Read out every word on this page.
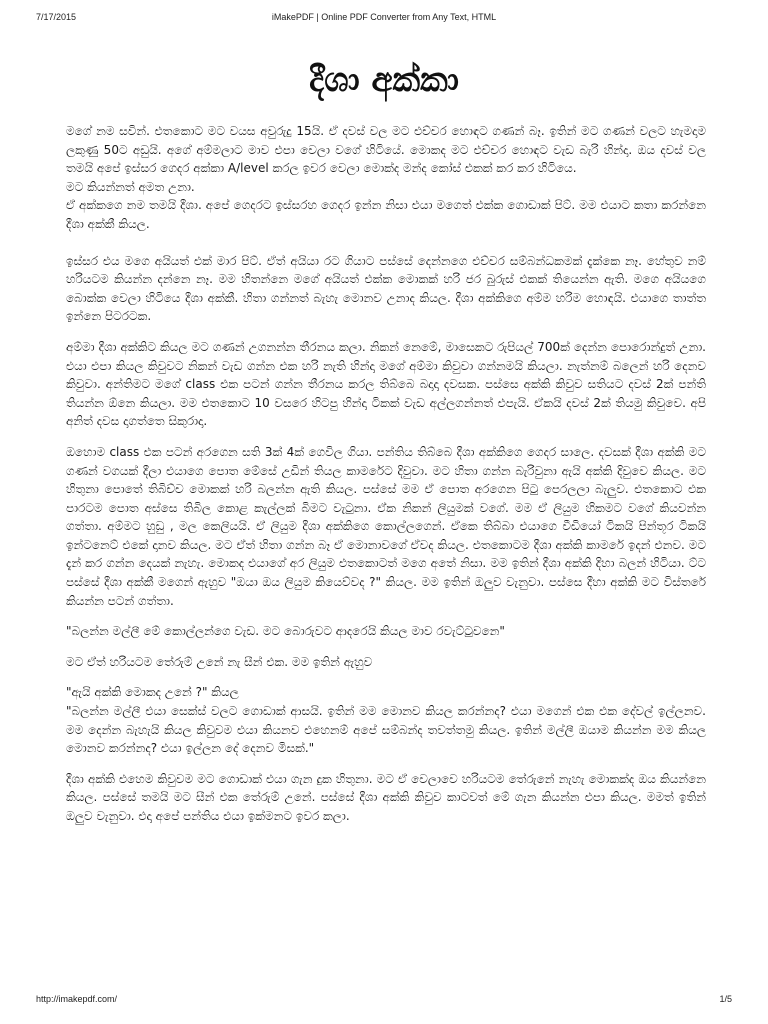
7/17/2015	iMakePDF | Online PDF Converter from Any Text, HTML
දීශා අක්කා

මගේ නම සවින්. එතකොට මට වයස අවුරුදු 15යි. ඒ දවස් වල මට එච්චර හොඳට ගණන් බෑ. ඉතින් මට ගණන් වලට හැමදාම ලකුණු 50ට අඩුයි. අගේ අම්මලාට මාව එපා වෙලා වගේ හිටියේ. මොකද මට එච්චර හොඳට වැඩ බැරි හින්දා. ඔය දවස් වල තමයි අපේ ඉස්සර ගෙදර අක්කා A/level කරල ඉවර වෙලා මොක්ද මන්ද කෝස් එකක් කර කර හිටියෙ.

මට කියන්නත් අමත උනා.

ඒ අක්කගෙ නම තමයි දීශා. අපේ ගෙදරට ඉස්සරහ ගෙදර ඉන්න නිසා එයා මගෙත් එක්ක ගොඩාක් පිට්. මම එයාට කතා කරන්නෙ දීශා අක්කී කියල.

ඉස්සර එය මගෙ අයියත් එක් මාර පිට්. ඒත් අයියා රට ගියාට පස්සේ දෙන්නගෙ එච්චර සම්බන්ධකමක් දැක්කෙ නෑ. හේතුව නම් හරියටම කියන්න දන්නෙ නෑ. මම හිතන්නෙ මගේ අයියත් එක්ක මොකක් හරි ජර බුරුස් එකක් තියෙන්න ඇති. මගෙ අයියගෙ බොක්ක වෙලා හිටියෙ දීශා අක්කී. හිතා ගන්නත් බැහැ මොනව උනාද කියල. දීශා අක්කිගෙ අම්ම හරිම හොඳයි. එයාගෙ තාත්ත ඉන්නෙ පිටරටක.

අම්මා දීශා අක්කිට කියල මට ගණන් උගනන්න තීරනය කලා. නිකන් නෙමේ, මාසෙකට රුපියල් 700ක් දෙන්න පොරොන්දුත් උනා. එයා එපා කියල කිවුවට නිකන් වැඩ ගන්න එක හරි නැති හින්දා මගේ අම්මා කිවුවා ගන්නමයි කියලා. නැත්නම් බලෙන් හරි දෙනව කිවුවා. අන්තිමට මගේ class එක පටන් ගන්න තීරනය කරල තිබ්බෙ බදාදා දවසක. පස්සෙ අක්කි කිවුව සතියට දවස් 2ක් පන්ති තියන්න ඕනෙ කියලා. මම එතකොට 10 වසරෙ හිටපු හින්දා ටිකක් වැඩ අල්ලගන්නත් එපැයි. ඒකයි දවස් 2ක් තියමු කිවුවෙ. අපි අනිත් දවස දාගත්තෙ සිකුරාදා.

ඔහොම class එක පටන් අරගෙන සති 3ක් 4ක් ගෙවිල ගියා. පන්තිය තිබ්බෙ දීශා අක්කිගෙ ගෙදර සාලෙ. දවසක් දීශා අක්කි මට ගණන් වගයක් දීලා එයාගෙ පොත මේසේ උඩින් තියල කාමරේට දිවුවා. මට හිතා ගන්න බැරිවුනා ඇයි අක්කි දිවුවෙ කියල. මට හිතුනා පොතේ තිබිච්ච මොකක් හරි බලන්න ඇති කියල. පස්සේ මම ඒ පොත අරගෙන පිටු පෙරලලා බැලුව. එතකොට එක පාරටම පොත අස්සෙ තිබිල කොළ කැල්ලක් බිමට වැටුනා. ඒක නිකන් ලියුමක් වගේ. මම ඒ ලියුම හිකමට වගේ කියවන්න ගත්තා. අම්මට හුඩු , මල කෙලියයි. ඒ ලියුම දීශා අක්කිගෙ කොල්ලගෙන්. ඒකෙ තිබ්බා එයාගෙ වීඩියෝ ටිකයි පින්තූර ටිකයි ඉන්ටනෙට් එකේ දානව කියල. මට ඒත් හිතා ගන්න බෑ ඒ මොනාවගේ ඒවද කියල. එතකොටම දීශා අක්කි කාමරේ ඉදන් එනව. මට දැන් කර ගන්න දෙයක් නැහැ. මොකද එයාගේ අර ලියුම එතකොටත් මගෙ අතේ නිසා. මම ඉතින් දීශා අක්කි දිහා බලන් හිටියා. ට්ට පස්සේ දීශා අක්කී මගෙන් ඇහුව "ඔයා ඔය ලියුම කියෙව්වද ?" කියල. මම ඉතින් ඔලුව වැනුවා. පස්සෙ දීහා අක්කි මට විස්තරේ කියන්න පටන් ගත්තා.

"බලන්න මල්ලී මේ කොල්ලන්ගෙ වැඩ. මට බොරුවට ආදරෙයි කියල මාව රවැට්ටුවනෙ"

මට ඒත් හරියටම තේරුම් උනේ නැ සීන් එක. මම ඉතින් ඇහුව

"ඇයි අක්කි මොකද උනේ ?" කියල

"බලන්න මල්ලී එයා සෙක්ස් වලට ගොඩාක් ආසයි. ඉතින් මම මොනව කියල කරන්නද? එයා මගෙන් එක එක දේවල් ඉල්ලනව. මම දෙන්න බැහැයි කියල කිවුවම එයා කියනව එහෙනම් අපේ සම්බන්ද තවත්තමු කියල. ඉතින් මල්ලී ඔයාම කියන්න මම කියල මොනව කරන්නද? එයා ඉල්ලන දේ දෙනව මිසක්."

දීශා අක්කි එහෙම කිවුවම මට ගොඩාක් එයා ගැන දුක හිතුනා. මට ඒ වෙලාවෙ හරියටම තේරුනේ නැහැ මොකක්ද ඔය කියන්නෙ කියල. පස්සේ තමයි මට සීන් එක තේරුම් උනේ. පස්සේ දීශා අක්කි කිවුව කාටවත් මේ ගැන කියන්න එපා කියල. මමත් ඉතින් ඔලුව වැනුවා. එදා අපේ පන්තිය එයා ඉක්මනට ඉවර කලා.

http://imakepdf.com/	1/5
